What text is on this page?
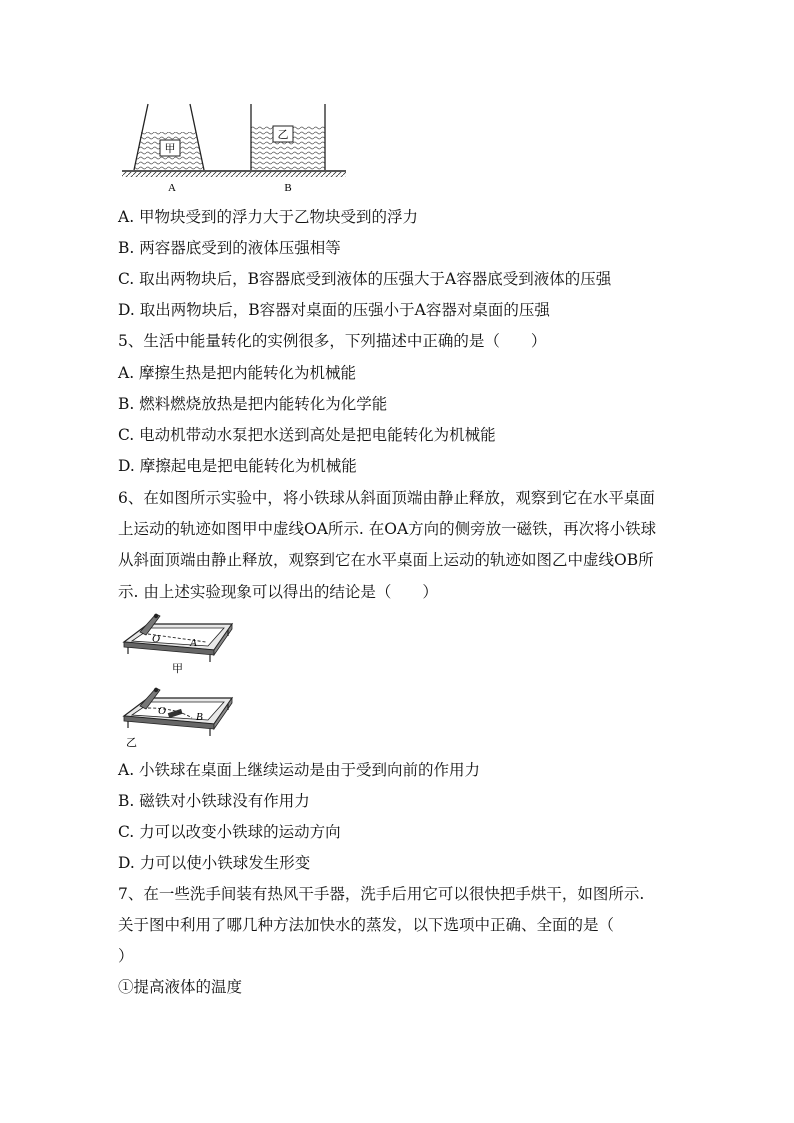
甲
乙
A	B
A. 甲物块受到的浮力大于乙物块受到的浮力
B. 两容器底受到的液体压强相等
C. 取出两物块后，B容器底受到液体的压强大于A容器底受到液体的压强
D. 取出两物块后，B容器对桌面的压强小于A容器对桌面的压强
5、生活中能量转化的实例很多，下列描述中正确的是（　　）
A. 摩擦生热是把内能转化为机械能
B. 燃料燃烧放热是把内能转化为化学能
C. 电动机带动水泵把水送到高处是把电能转化为机械能
D. 摩擦起电是把电能转化为机械能
6、在如图所示实验中，将小铁球从斜面顶端由静止释放，观察到它在水平桌面
上运动的轨迹如图甲中虚线OA所示. 在OA方向的侧旁放一磁铁，再次将小铁球
从斜面顶端由静止释放，观察到它在水平桌面上运动的轨迹如图乙中虚线OB所
示. 由上述实验现象可以得出的结论是（　　）
O	A
甲
O	B
乙
A. 小铁球在桌面上继续运动是由于受到向前的作用力
B. 磁铁对小铁球没有作用力
C. 力可以改变小铁球的运动方向
D. 力可以使小铁球发生形变
7、在一些洗手间装有热风干手器，洗手后用它可以很快把手烘干，如图所示.
关于图中利用了哪几种方法加快水的蒸发，以下选项中正确、全面的是（
）
①提高液体的温度
